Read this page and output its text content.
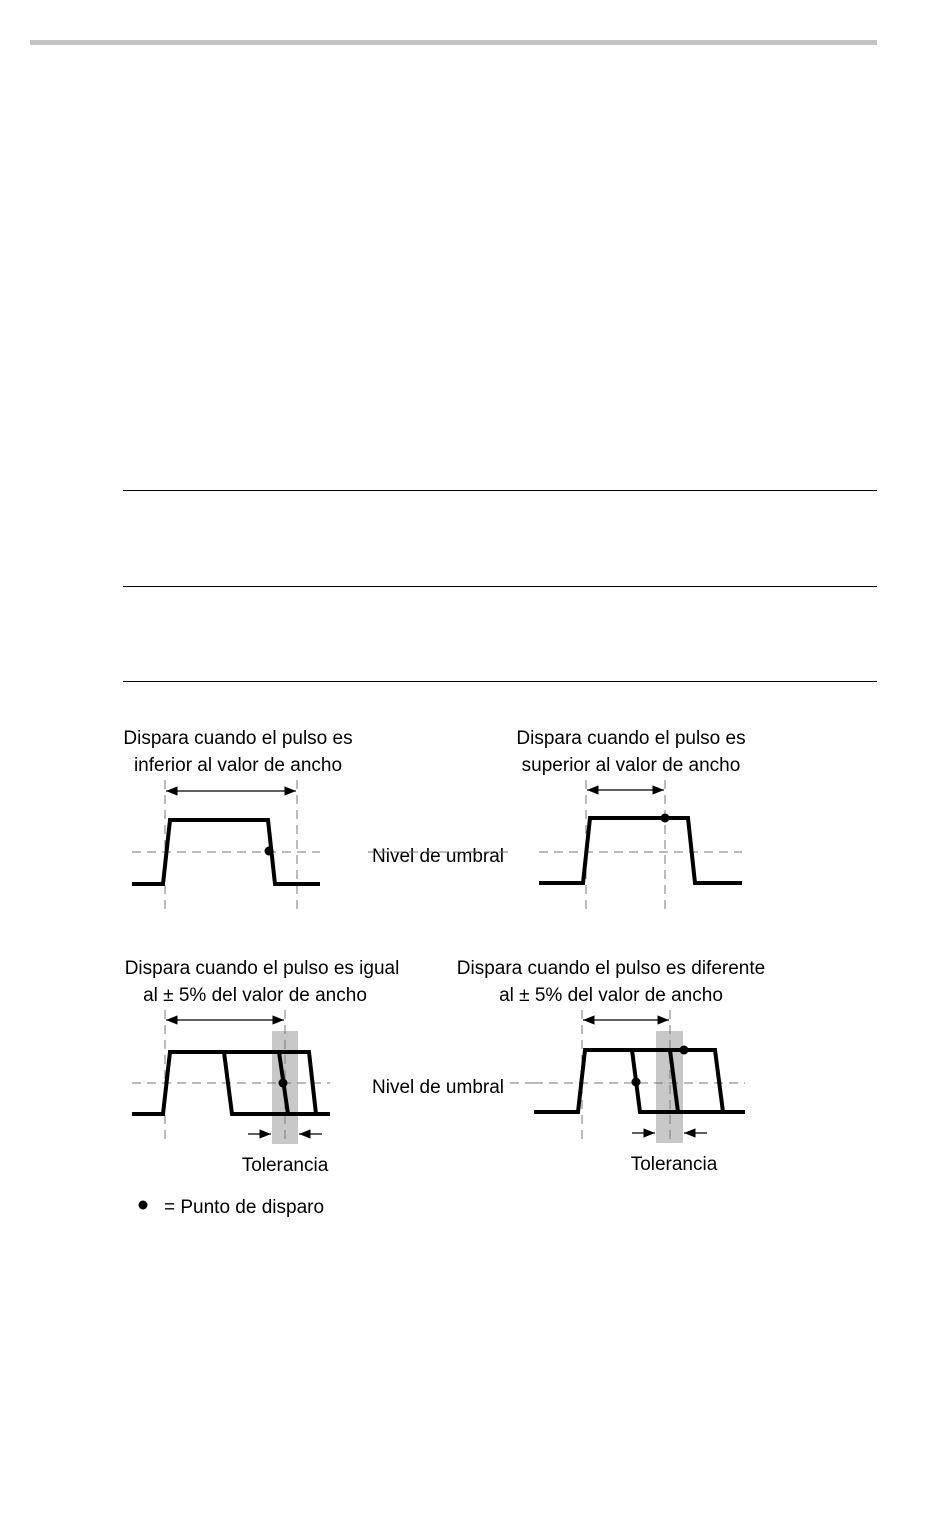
Dispara cuando el pulso es
inferior al valor de ancho
Nivel de umbral
Dispara cuando el pulso es
superior al valor de ancho
Dispara cuando el pulso es igual
al ± 5% del valor de ancho
Tolerancia
Nivel de umbral
Dispara cuando el pulso es diferente
al ± 5% del valor de ancho
Tolerancia
= Punto de disparo
